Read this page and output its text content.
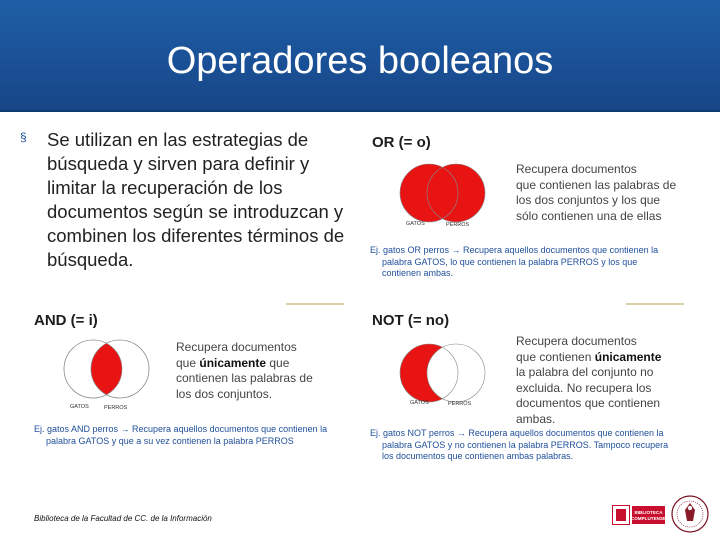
Operadores booleanos
§ Se utilizan en las estrategias de búsqueda y sirven para definir y limitar la recuperación de los documentos según se introduzcan y combinen los diferentes términos de búsqueda.
OR (= o)
GATOS	PERROS
Recupera documentos
que contienen las palabras de
los dos conjuntos y los que
sólo contienen una de ellas
Ej. gatos OR perros → Recupera aquellos documentos que contienen la
palabra GATOS, lo que contienen la palabra PERROS y los que
contienen ambas.
AND (= i)
GATOS	PERROS
Recupera documentos
que únicamente que
contienen las palabras de
los dos conjuntos.
Ej. gatos AND perros → Recupera aquellos documentos que contienen la
palabra GATOS y que a su vez contienen la palabra PERROS
NOT (= no)
GATOS	PERROS
Recupera documentos
que contienen únicamente
la palabra del conjunto no
excluida. No recupera los
documentos que contienen
ambas.
Ej. gatos NOT perros → Recupera aquellos documentos que contienen la
palabra GATOS y no contienen la palabra PERROS. Tampoco recupera
los documentos que contienen ambas palabras.
Biblioteca de la Facultad de CC. de la Información
BIBLIOTECA
COMPLUTENSE
